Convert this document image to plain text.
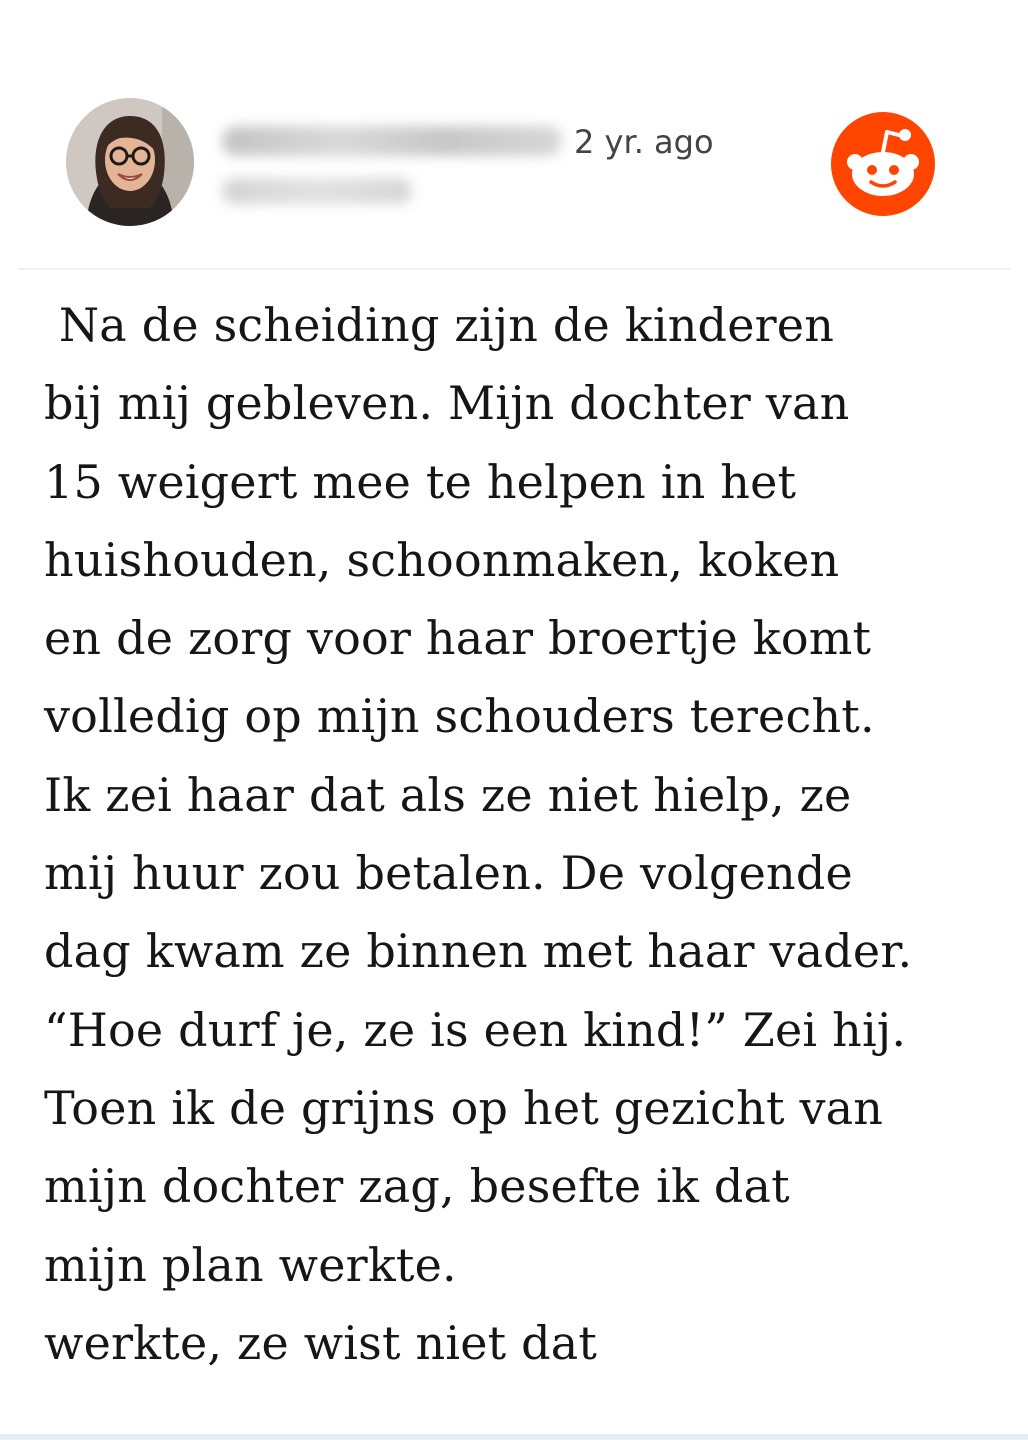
2 yr. ago
Na de scheiding zijn de kinderen
bij mij gebleven. Mijn dochter van
15 weigert mee te helpen in het
huishouden, schoonmaken, koken
en de zorg voor haar broertje komt
volledig op mijn schouders terecht.
Ik zei haar dat als ze niet hielp, ze
mij huur zou betalen. De volgende
dag kwam ze binnen met haar vader.
“Hoe durf je, ze is een kind!” Zei hij.
Toen ik de grijns op het gezicht van
mijn dochter zag, besefte ik dat
mijn plan werkte.
werkte, ze wist niet dat
